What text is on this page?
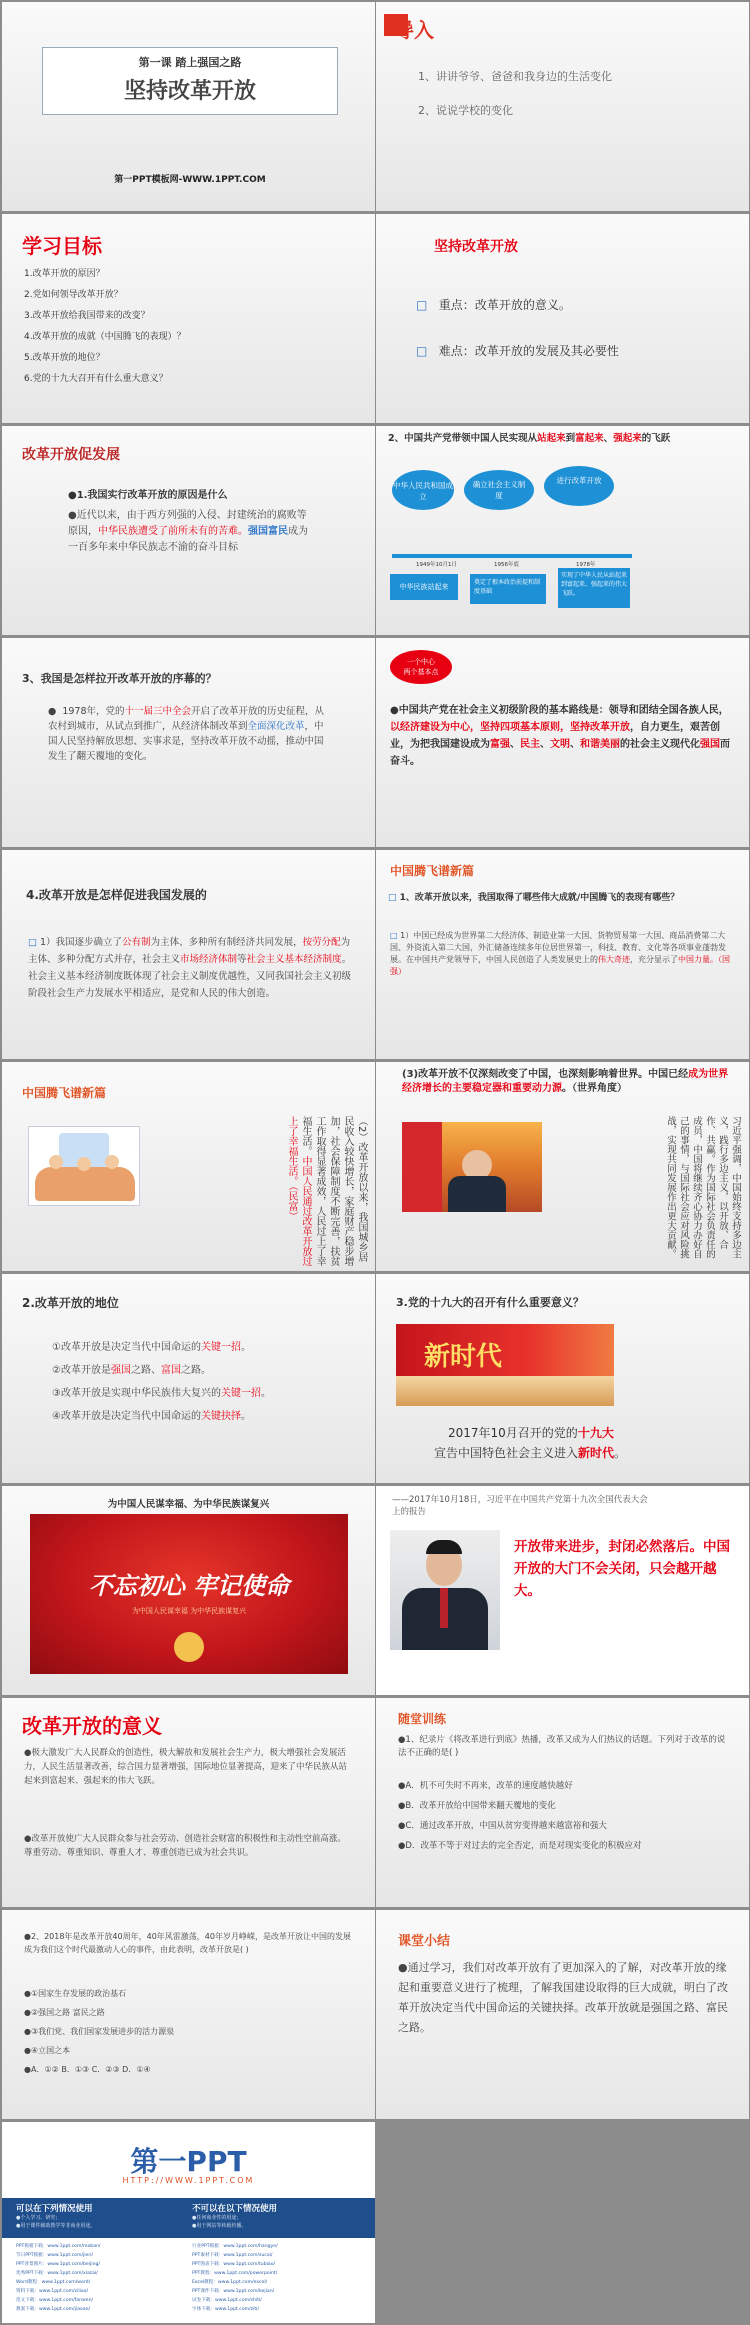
第一课 踏上强国之路
坚持改革开放
第一PPT模板网-WWW.1PPT.COM
导入
1、讲讲爷爷、爸爸和我身边的生活变化
2、说说学校的变化
学习目标
1.改革开放的原因？
2.党如何领导改革开放？
3.改革开放给我国带来的改变？
4.改革开放的成就（中国腾飞的表现）？
5.改革开放的地位？
6.党的十九大召开有什么重大意义？
坚持改革开放
□ 重点：改革开放的意义。
□ 难点：改革开放的发展及其必要性
改革开放促发展
●1.我国实行改革开放的原因是什么
●近代以来，由于西方列强的入侵、封建统治的腐败等原因，中华民族遭受了前所未有的苦难。强国富民成为一百多年来中华民族志不渝的奋斗目标
2、中国共产党带领中国人民实现从站起来到富起来、强起来的飞跃
中华人民共和国成立
确立社会主义制度
进行改革开放
1949年10月1日	1956年底	1978年
中华民族站起来
奠定了根本政治前提和制度基础
实现了中华人民从站起来到富起来、强起来的伟大飞跃。
3、我国是怎样拉开改革开放的序幕的？
●  1978年，党的十一届三中全会开启了改革开放的历史征程，从农村到城市，从试点到推广，从经济体制改革到全面深化改革，中国人民坚持解放思想、实事求是，坚持改革开放不动摇，推动中国发生了翻天覆地的变化。
一个中心
两个基本点
●中国共产党在社会主义初级阶段的基本路线是：领导和团结全国各族人民，以经济建设为中心，坚持四项基本原则，坚持改革开放，自力更生，艰苦创业，为把我国建设成为富强、民主、文明、和谐美丽的社会主义现代化强国而奋斗。
4.改革开放是怎样促进我国发展的
□ 1）我国逐步确立了公有制为主体、多种所有制经济共同发展，按劳分配为主体、多种分配方式并存，社会主义市场经济体制等社会主义基本经济制度。社会主义基本经济制度既体现了社会主义制度优越性，又同我国社会主义初级阶段社会生产力发展水平相适应，是党和人民的伟大创造。
中国腾飞谱新篇
□ 1、改革开放以来，我国取得了哪些伟大成就/中国腾飞的表现有哪些？
□ 1）中国已经成为世界第二大经济体、制造业第一大国、货物贸易第一大国、商品消费第二大国、外资流入第二大国，外汇储备连续多年位居世界第一，科技、教育、文化等各项事业蓬勃发展。在中国共产党领导下，中国人民创造了人类发展史上的伟大奇迹，充分显示了中国力量。（国强）
中国腾飞谱新篇
（2）改革开放以来，我国城乡居民收入较快增长，家庭财产稳步增加，社会保障制度不断完善，扶贫工作取得显著成效，人民过上了幸福生活。中国人民通过改革开放过上了幸福生活。（民富）
(3)改革开放不仅深刻改变了中国，也深刻影响着世界。中国已经成为世界经济增长的主要稳定器和重要动力源。（世界角度）
习近平强调，中国始终支持多边主义，践行多边主义，以开放、合作、共赢。作为国际社会负责任的成员，中国将继续齐心协力办好自己的事情，与国际社会应对风险挑战，实现共同发展作出更大贡献。
2.改革开放的地位
①改革开放是决定当代中国命运的关键一招。
②改革开放是强国之路、富国之路。
③改革开放是实现中华民族伟大复兴的关键一招。
④改革开放是决定当代中国命运的关键抉择。
3.党的十九大的召开有什么重要意义？
新时代
2017年10月召开的党的十九大
宣告中国特色社会主义进入新时代。
为中国人民谋幸福、为中华民族谋复兴
不忘初心 牢记使命
为中国人民谋幸福 为中华民族谋复兴
——2017年10月18日，习近平在中国共产党第十九次全国代表大会上的报告
开放带来进步，封闭必然落后。中国开放的大门不会关闭，只会越开越大。
改革开放的意义
●极大激发广大人民群众的创造性，极大解放和发展社会生产力，极大增强社会发展活力，人民生活显著改善，综合国力显著增强，国际地位显著提高，迎来了中华民族从站起来到富起来、强起来的伟大飞跃。
●改革开放使广大人民群众参与社会劳动、创造社会财富的积极性和主动性空前高涨。尊重劳动、尊重知识、尊重人才、尊重创造已成为社会共识。
随堂训练
●1、纪录片《将改革进行到底》热播，改革又成为人们热议的话题。下列对于改革的说法不正确的是( )
●A．机不可失时不再来，改革的速度越快越好
●B．改革开放给中国带来翻天覆地的变化
●C．通过改革开放，中国从贫穷变得越来越富裕和强大
●D．改革不等于对过去的完全否定，而是对现实变化的积极应对
●2、2018年是改革开放40周年，40年风雷激荡，40年岁月峥嵘，是改革开放让中国的发展成为我们这个时代最激动人心的事件，由此表明，改革开放是( )
●①国家生存发展的政治基石
●②强国之路 富民之路
●③我们党、我们国家发展进步的活力源泉
●④立国之本
●A．①② B．①③ C．②③ D．①④
课堂小结
●通过学习，我们对改革开放有了更加深入的了解，对改革开放的缘起和重要意义进行了梳理，了解我国建设取得的巨大成就，明白了改革开放决定当代中国命运的关键抉择。改革开放就是强国之路、富民之路。
第一PPT
HTTP://WWW.1PPT.COM
可以在下列情况使用
●个人学习、研究；
●用于课件辅助教学等非商业用途。
不可以在以下情况使用
●任何商业性的用途；
●用于网站等转载传播。
PPT模板下载：www.1ppt.com/moban/
节日PPT模板：www.1ppt.com/jieri/
PPT背景图片：www.1ppt.com/beijing/
优秀PPT下载：www.1ppt.com/xiazai/
Word教程：www.1ppt.com/word/
资料下载：www.1ppt.com/ziliao/
范文下载：www.1ppt.com/fanwen/
教案下载：www.1ppt.com/jiaoan/
行业PPT模板：www.1ppt.com/hangye/
PPT素材下载：www.1ppt.com/sucai/
PPT图表下载：www.1ppt.com/tubiao/
PPT教程：www.1ppt.com/powerpoint/
Excel教程：www.1ppt.com/excel/
PPT课件下载：www.1ppt.com/kejian/
试卷下载：www.1ppt.com/shiti/
字体下载：www.1ppt.com/ziti/
